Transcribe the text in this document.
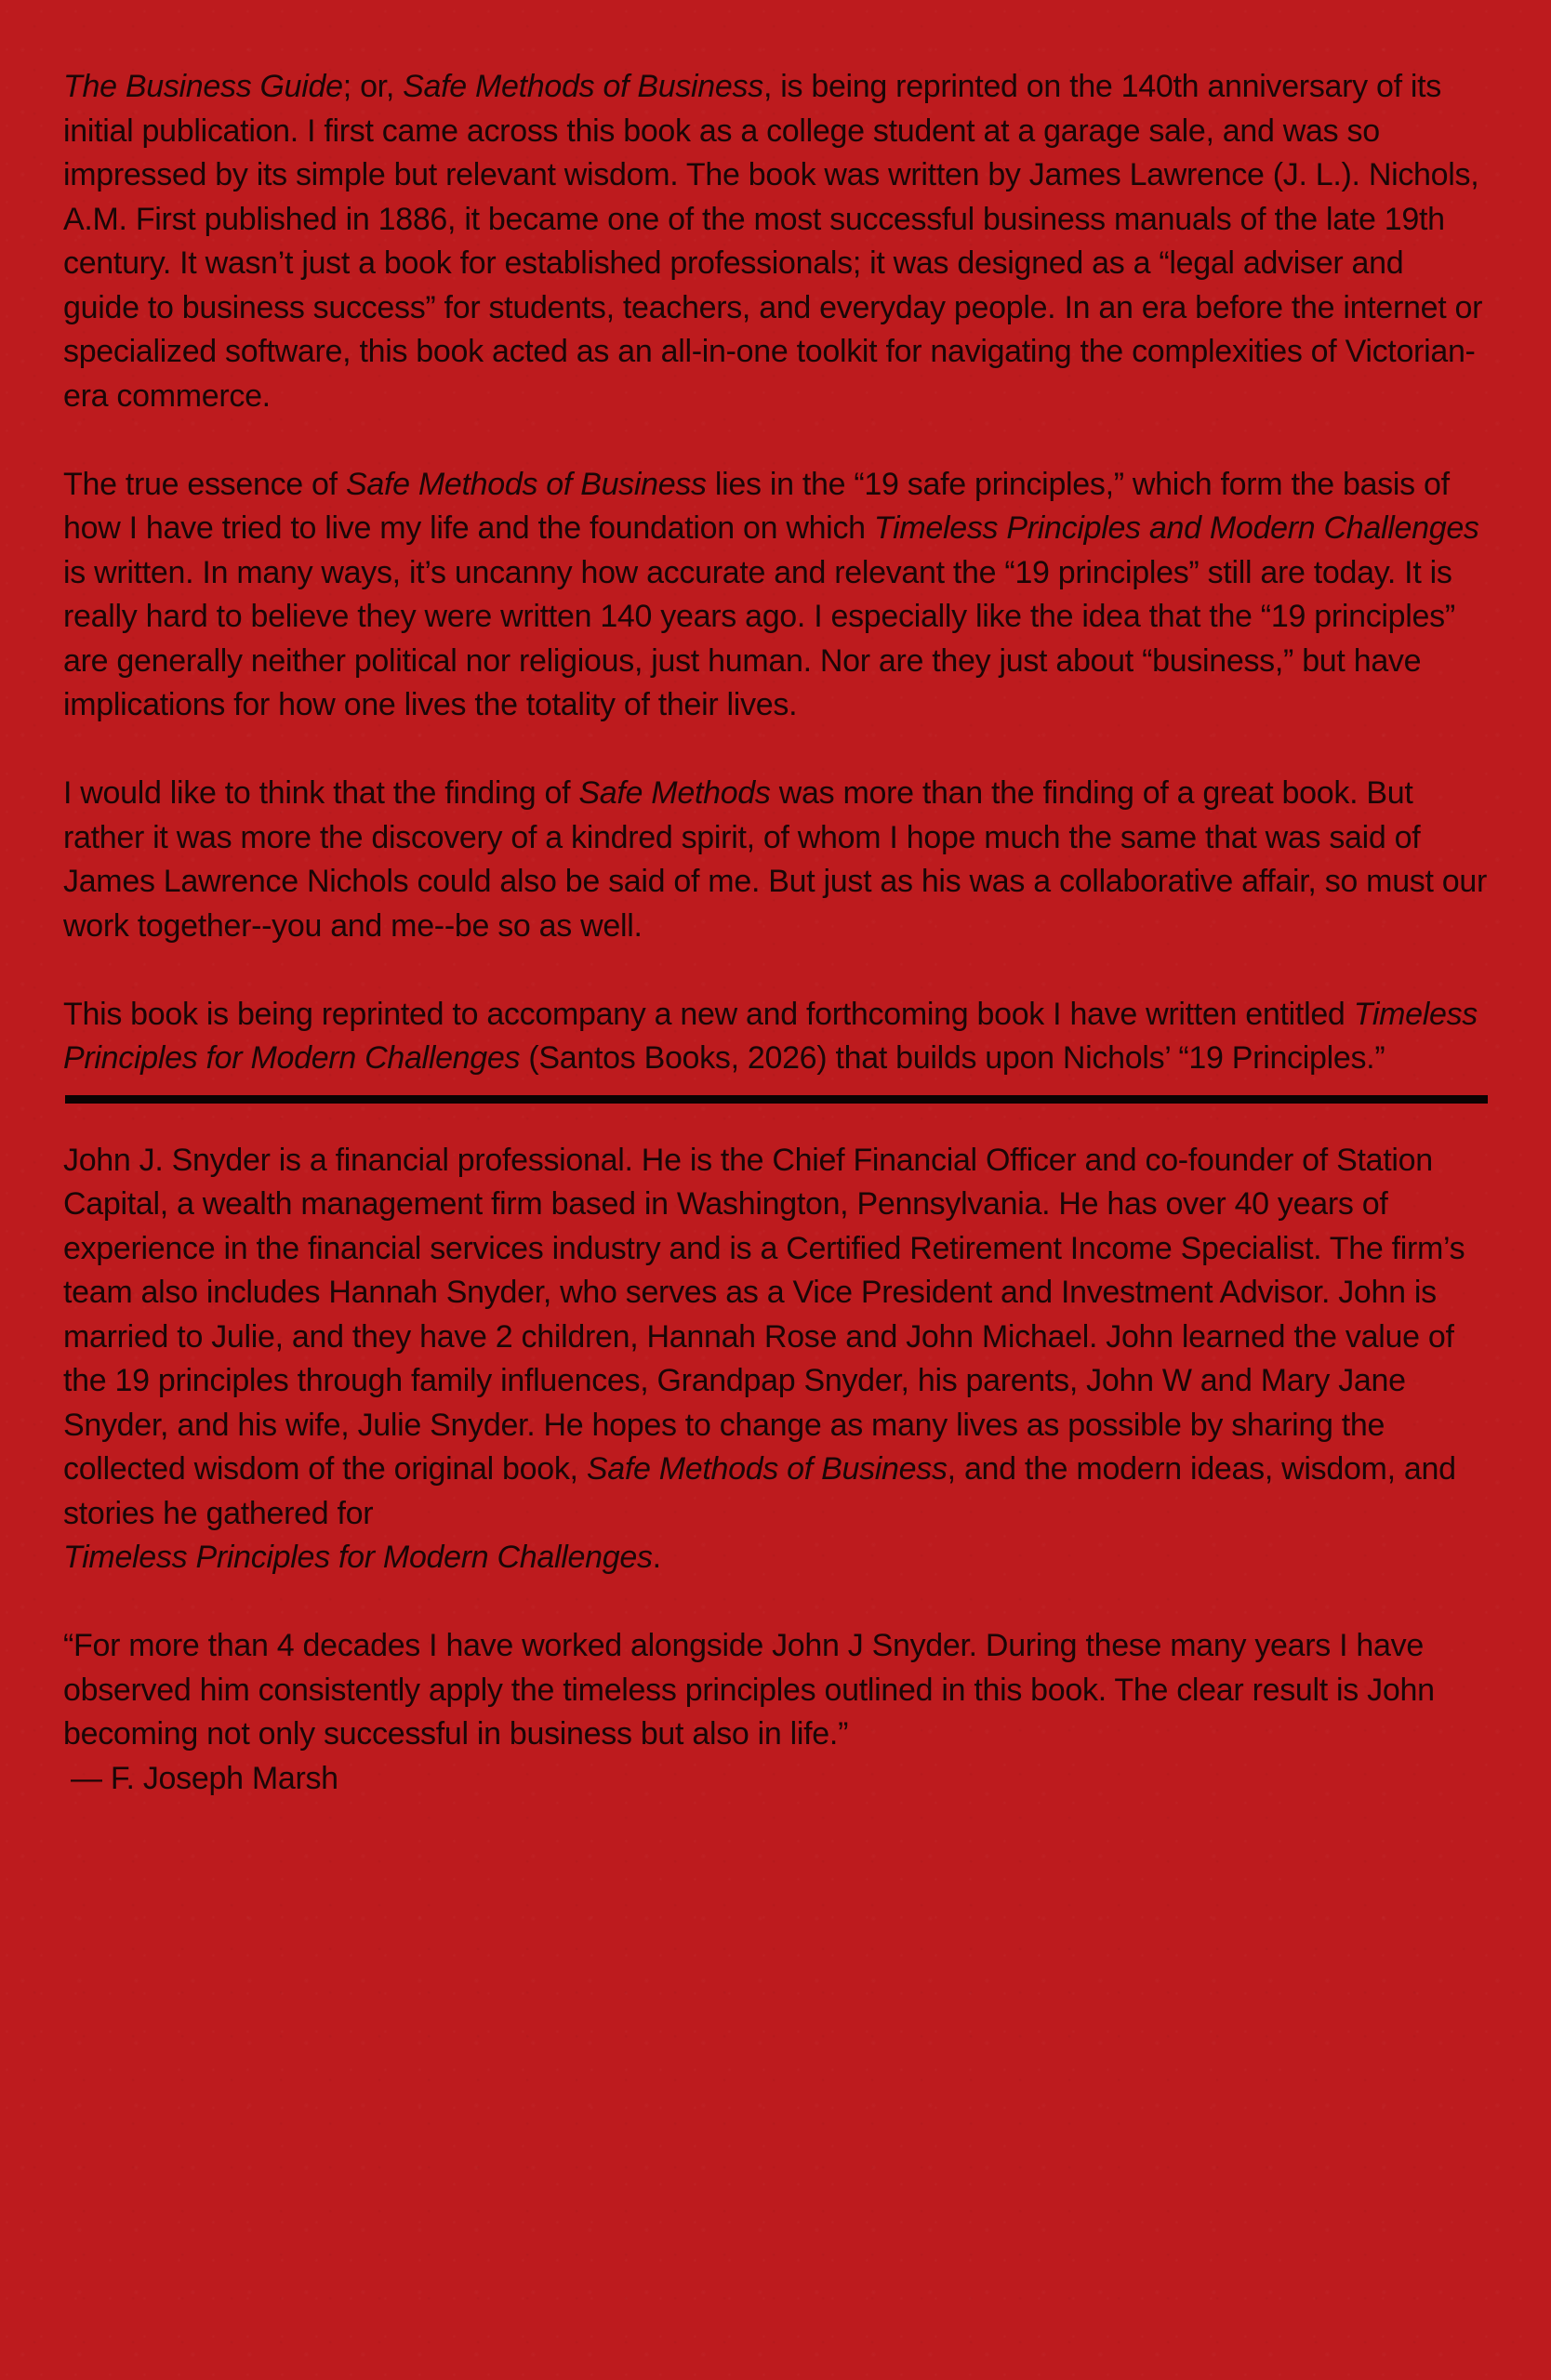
The Business Guide; or, Safe Methods of Business, is being reprinted on the 140th anniversary of its initial publication. I first came across this book as a college student at a garage sale, and was so impressed by its simple but relevant wisdom. The book was written by James Lawrence (J. L.). Nichols, A.M. First published in 1886, it became one of the most successful business manuals of the late 19th century. It wasn’t just a book for established professionals; it was designed as a “legal adviser and guide to business success” for students, teachers, and everyday people. In an era before the internet or specialized software, this book acted as an all-in-one toolkit for navigating the complexities of Victorian-era commerce.

The true essence of Safe Methods of Business lies in the “19 safe principles,” which form the basis of how I have tried to live my life and the foundation on which Timeless Principles and Modern Challenges is written. In many ways, it’s uncanny how accurate and relevant the “19 principles” still are today. It is really hard to believe they were written 140 years ago. I especially like the idea that the “19 principles” are generally neither political nor religious, just human. Nor are they just about “business,” but have implications for how one lives the totality of their lives.

I would like to think that the finding of Safe Methods was more than the finding of a great book. But rather it was more the discovery of a kindred spirit, of whom I hope much the same that was said of James Lawrence Nichols could also be said of me. But just as his was a collaborative affair, so must our work together--you and me--be so as well.

This book is being reprinted to accompany a new and forthcoming book I have written entitled Timeless Principles for Modern Challenges (Santos Books, 2026) that builds upon Nichols’ “19 Principles.”

John J. Snyder is a financial professional. He is the Chief Financial Officer and co-founder of Station Capital, a wealth management firm based in Washington, Pennsylvania. He has over 40 years of experience in the financial services industry and is a Certified Retirement Income Specialist. The firm’s team also includes Hannah Snyder, who serves as a Vice President and Investment Advisor. John is married to Julie, and they have 2 children, Hannah Rose and John Michael. John learned the value of the 19 principles through family influences, Grandpap Snyder, his parents, John W and Mary Jane Snyder, and his wife, Julie Snyder. He hopes to change as many lives as possible by sharing the collected wisdom of the original book, Safe Methods of Business, and the modern ideas, wisdom, and stories he gathered for
Timeless Principles for Modern Challenges.

“For more than 4 decades I have worked alongside John J Snyder. During these many years I have observed him consistently apply the timeless principles outlined in this book. The clear result is John becoming not only successful in business but also in life.”
— F. Joseph Marsh
